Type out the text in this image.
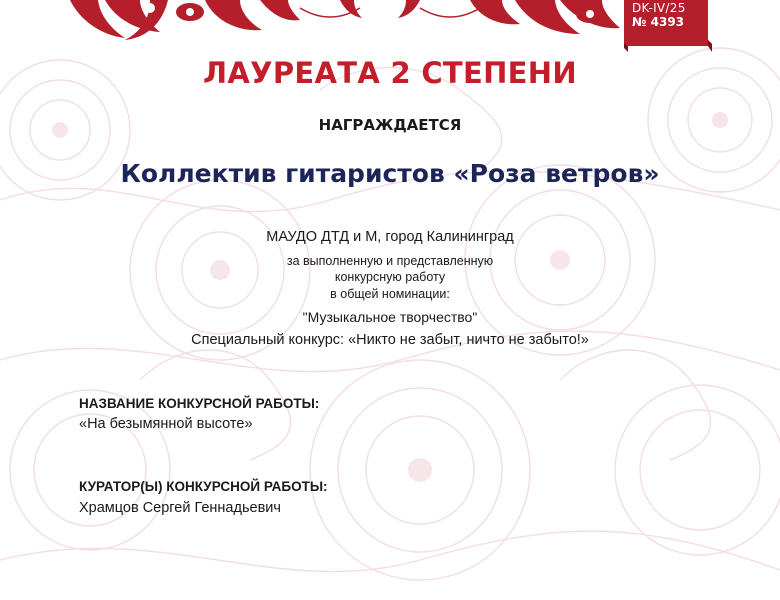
DK-IV/25
№ 4393
ЛАУРЕАТА 2 СТЕПЕНИ
НАГРАЖДАЕТСЯ
Коллектив гитаристов «Роза ветров»
МАУДО ДТД и М, город Калининград
за выполненную и представленную
конкурсную работу
в общей номинации:
"Музыкальное творчество"
Специальный конкурс: «Никто не забыт, ничто не забыто!»
НАЗВАНИЕ КОНКУРСНОЙ РАБОТЫ:
«На безымянной высоте»
КУРАТОР(Ы) КОНКУРСНОЙ РАБОТЫ:
Храмцов Сергей Геннадьевич
